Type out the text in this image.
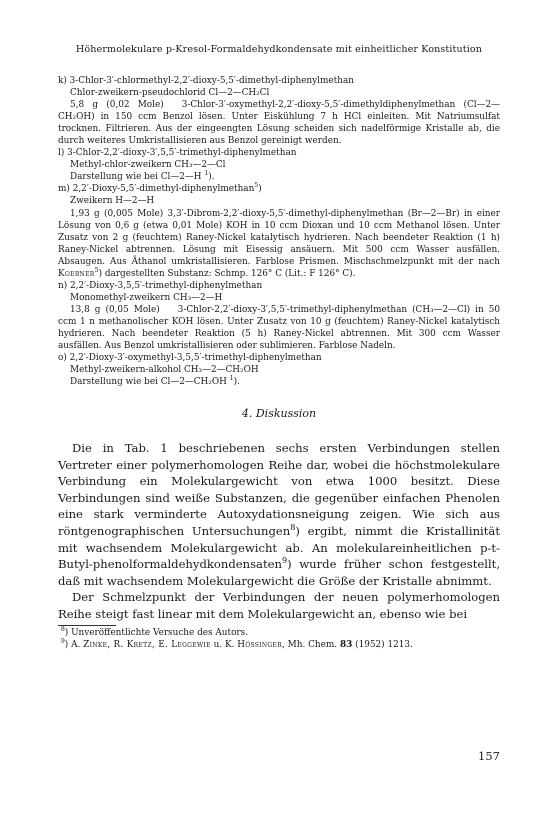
Höhermolekulare p-Kresol-Formaldehydkondensate mit einheitlicher Konstitution

k) 3-Chlor-3′-chlormethyl-2,2′-dioxy-5,5′-dimethyl-diphenylmethan

Chlor-zweikern-pseudochlorid Cl—2—CH₂Cl

5,8 g (0,02 Mole) 3-Chlor-3′-oxymethyl-2,2′-dioxy-5,5′-dimethyldiphenylmethan (Cl—2—CH₂OH) in 150 ccm Benzol lösen. Unter Eiskühlung 7 h HCl einleiten. Mit Natriumsulfat trocknen. Filtrieren. Aus der eingeengten Lösung scheiden sich nadelförmige Kristalle ab, die durch weiteres Umkristallisieren aus Benzol gereinigt werden.

l) 3-Chlor-2,2′-dioxy-3′,5,5′-trimethyl-diphenylmethan

Methyl-chlor-zweikern CH₃—2—Cl

Darstellung wie bei Cl—2—H $^1$).

m) 2,2′-Dioxy-5,5′-dimethyl-diphenylmethan$^5$)

Zweikern H—2—H

1,93 g (0,005 Mole) 3,3′-Dibrom-2,2′-dioxy-5,5′-dimethyl-diphenylmethan (Br—2—Br) in einer Lösung von 0,6 g (etwa 0,01 Mole) KOH in 10 ccm Dioxan und 10 ccm Methanol lösen. Unter Zusatz von 2 g (feuchtem) Raney-Nickel katalytisch hydrieren. Nach beendeter Reaktion (1 h) Raney-Nickel abtrennen. Lösung mit Eisessig ansäuern. Mit 500 ccm Wasser ausfällen. Absaugen. Aus Äthanol umkristallisieren. Farblose Prismen. Mischschmelzpunkt mit der nach Koebner$^5$) dargestellten Substanz: Schmp. 126° C (Lit.: F 126° C).

n) 2,2′-Dioxy-3,5,5′-trimethyl-diphenylmethan

Monomethyl-zweikern CH₃—2—H

13,8 g (0,05 Mole) 3-Chlor-2,2′-dioxy-3′,5,5′-trimethyl-diphenylmethan (CH₃—2—Cl) in 50 ccm 1 n methanolischer KOH lösen. Unter Zusatz von 10 g (feuchtem) Raney-Nickel katalytisch hydrieren. Nach beendeter Reaktion (5 h) Raney-Nickel abtrennen. Mit 300 ccm Wasser ausfällen. Aus Benzol umkristallisieren oder sublimieren. Farblose Nadeln.

o) 2,2′-Dioxy-3′-oxymethyl-3,5,5′-trimethyl-diphenylmethan

Methyl-zweikern-alkohol CH₃—2—CH₂OH

Darstellung wie bei Cl—2—CH₂OH $^1$).

4. Diskussion

Die in Tab. 1 beschriebenen sechs ersten Verbindungen stellen Vertreter einer polymerhomologen Reihe dar, wobei die höchstmolekulare Verbindung ein Molekulargewicht von etwa 1000 besitzt. Diese Verbindungen sind weiße Substanzen, die gegenüber einfachen Phenolen eine stark verminderte Autoxydationsneigung zeigen. Wie sich aus röntgenographischen Untersuchungen$^8$) ergibt, nimmt die Kristallinität mit wachsendem Molekulargewicht ab. An molekulareinheitlichen p-t-Butyl-phenolformaldehydkondensaten$^9$) wurde früher schon festgestellt, daß mit wachsendem Molekulargewicht die Größe der Kristalle abnimmt.

Der Schmelzpunkt der Verbindungen der neuen polymerhomologen Reihe steigt fast linear mit dem Molekulargewicht an, ebenso wie bei

$^8$) Unveröffentlichte Versuche des Autors.

$^9$) A. Zinke, R. Kretz, E. Leggewie u. K. Hössinger, Mh. Chem. 83 (1952) 1213.

157
